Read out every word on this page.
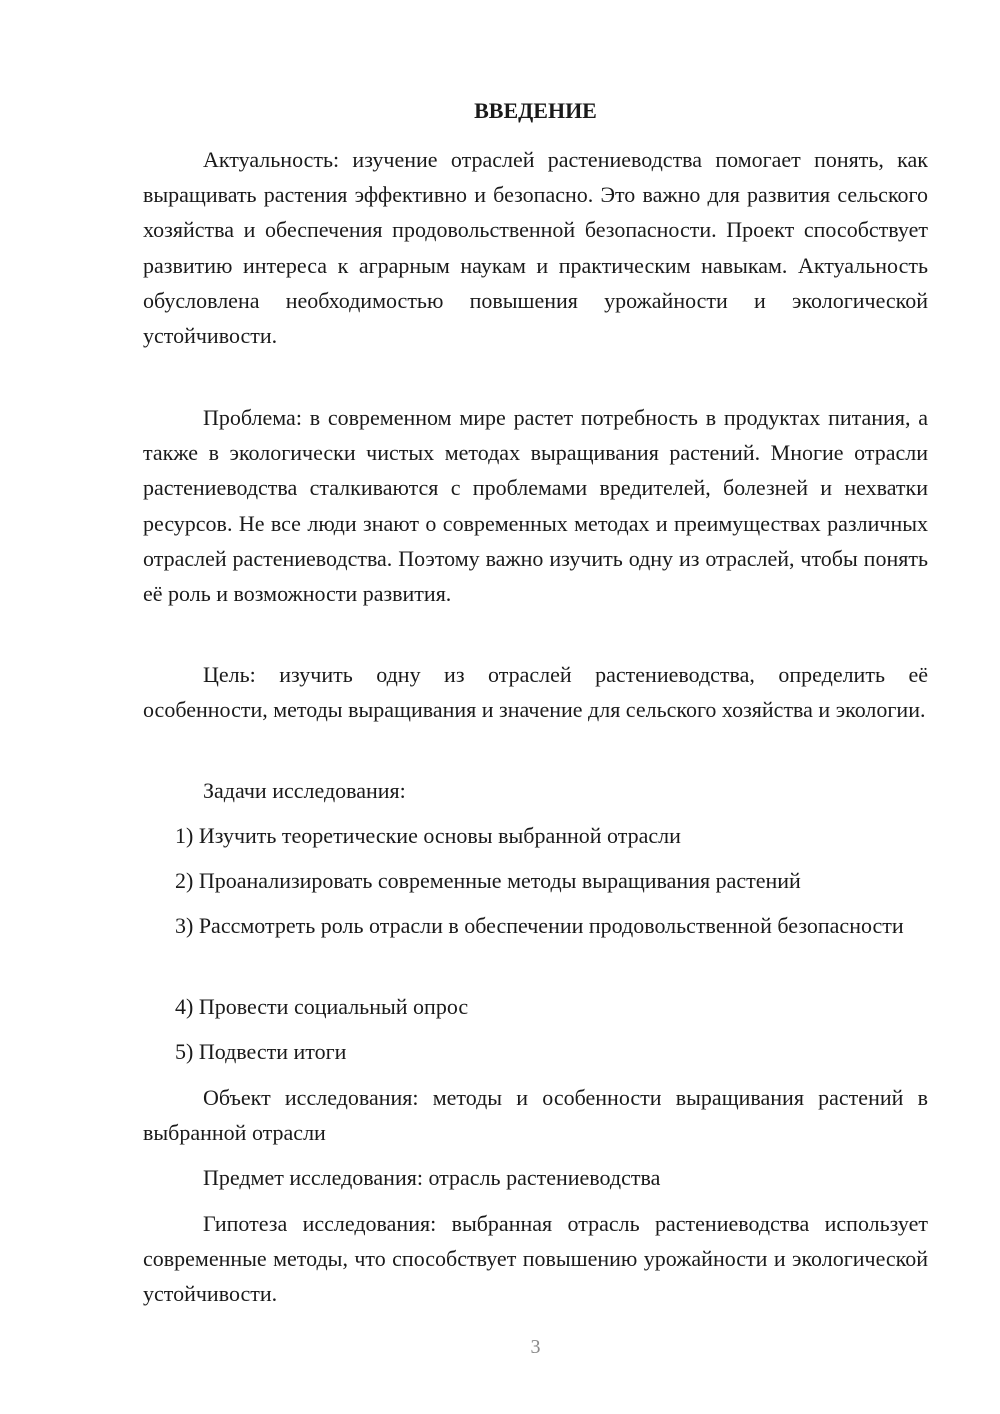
ВВЕДЕНИЕ

Актуальность: изучение отраслей растениеводства помогает понять, как выращивать растения эффективно и безопасно. Это важно для развития сельского хозяйства и обеспечения продовольственной безопасности. Проект способствует развитию интереса к аграрным наукам и практическим навыкам. Актуальность обусловлена необходимостью повышения урожайности и экологической устойчивости.

Проблема: в современном мире растет потребность в продуктах питания, а также в экологически чистых методах выращивания растений. Многие отрасли растениеводства сталкиваются с проблемами вредителей, болезней и нехватки ресурсов. Не все люди знают о современных методах и преимуществах различных отраслей растениеводства. Поэтому важно изучить одну из отраслей, чтобы понять её роль и возможности развития.

Цель: изучить одну из отраслей растениеводства, определить её особенности, методы выращивания и значение для сельского хозяйства и экологии.

Задачи исследования:

1) Изучить теоретические основы выбранной отрасли

2) Проанализировать современные методы выращивания растений

3) Рассмотреть роль отрасли в обеспечении продовольственной безопасности

4) Провести социальный опрос

5) Подвести итоги

Объект исследования: методы и особенности выращивания растений в выбранной отрасли

Предмет исследования: отрасль растениеводства

Гипотеза исследования: выбранная отрасль растениеводства использует современные методы, что способствует повышению урожайности и экологической устойчивости.

3
